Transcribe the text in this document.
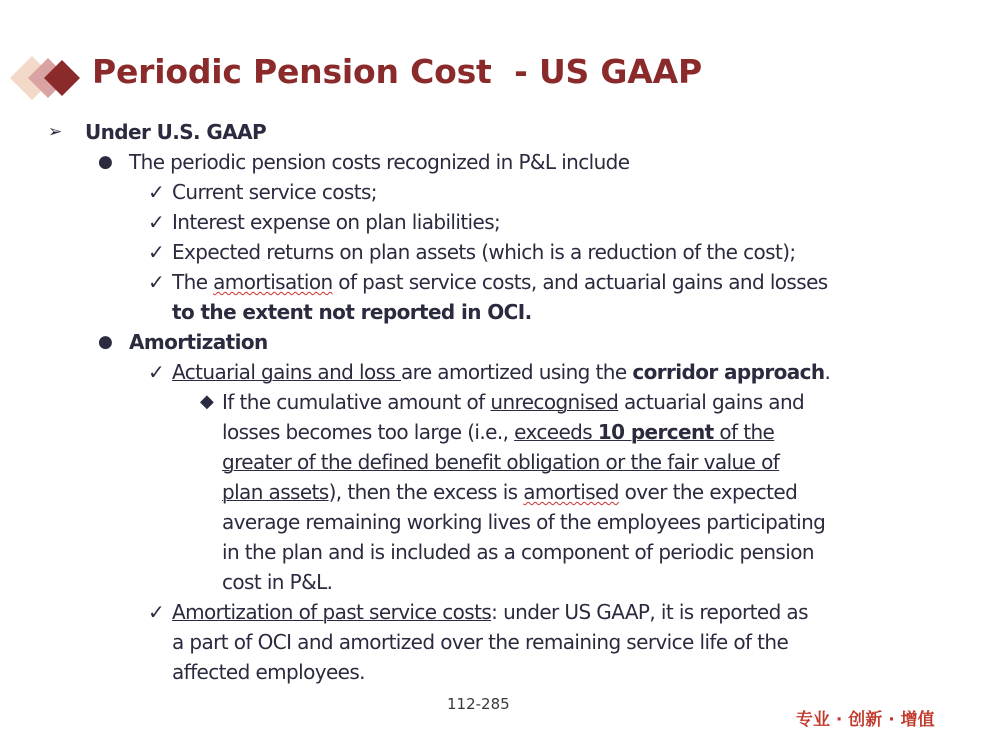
Periodic Pension Cost  - US GAAP
➢ Under U.S. GAAP
● The periodic pension costs recognized in P&L include
✓ Current service costs;
✓ Interest expense on plan liabilities;
✓ Expected returns on plan assets (which is a reduction of the cost);
✓ The amortisation of past service costs, and actuarial gains and losses
to the extent not reported in OCI.
● Amortization
✓ Actuarial gains and loss are amortized using the corridor approach.
◆ If the cumulative amount of unrecognised actuarial gains and
losses becomes too large (i.e., exceeds 10 percent of the
greater of the defined benefit obligation or the fair value of
plan assets), then the excess is amortised over the expected
average remaining working lives of the employees participating
in the plan and is included as a component of periodic pension
cost in P&L.
✓ Amortization of past service costs: under US GAAP, it is reported as
a part of OCI and amortized over the remaining service life of the
affected employees.
112-285
专业 · 创新 · 增值
